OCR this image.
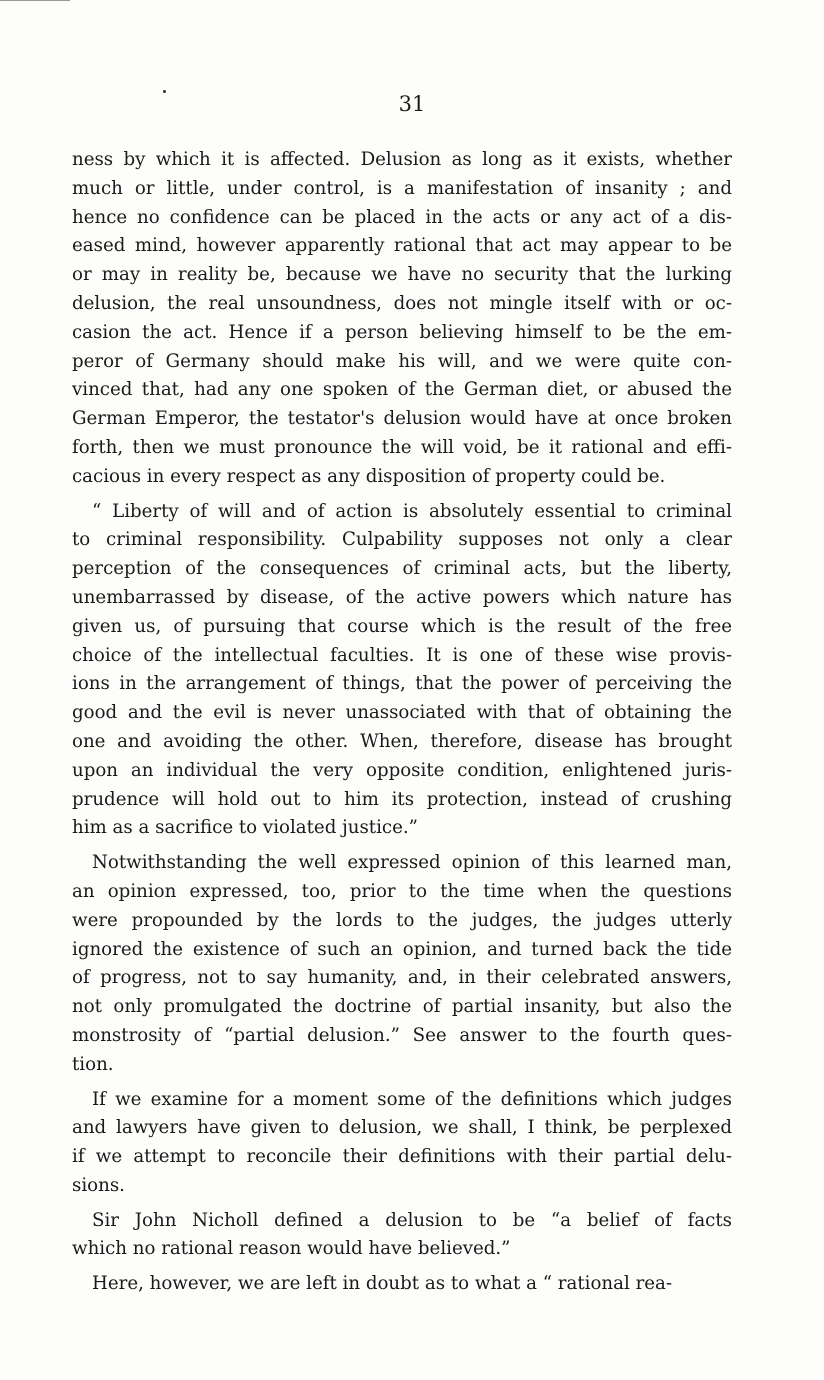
31
ness by which it is affected. Delusion as long as it exists, whether
much or little, under control, is a manifestation of insanity ; and
hence no confidence can be placed in the acts or any act of a dis-
eased mind, however apparently rational that act may appear to be
or may in reality be, because we have no security that the lurking
delusion, the real unsoundness, does not mingle itself with or oc-
casion the act. Hence if a person believing himself to be the em-
peror of Germany should make his will, and we were quite con-
vinced that, had any one spoken of the German diet, or abused the
German Emperor, the testator's delusion would have at once broken
forth, then we must pronounce the will void, be it rational and effi-
cacious in every respect as any disposition of property could be.
“ Liberty of will and of action is absolutely essential to criminal
to criminal responsibility. Culpability supposes not only a clear
perception of the consequences of criminal acts, but the liberty,
unembarrassed by disease, of the active powers which nature has
given us, of pursuing that course which is the result of the free
choice of the intellectual faculties. It is one of these wise provis-
ions in the arrangement of things, that the power of perceiving the
good and the evil is never unassociated with that of obtaining the
one and avoiding the other. When, therefore, disease has brought
upon an individual the very opposite condition, enlightened juris-
prudence will hold out to him its protection, instead of crushing
him as a sacrifice to violated justice.”
Notwithstanding the well expressed opinion of this learned man,
an opinion expressed, too, prior to the time when the questions
were propounded by the lords to the judges, the judges utterly
ignored the existence of such an opinion, and turned back the tide
of progress, not to say humanity, and, in their celebrated answers,
not only promulgated the doctrine of partial insanity, but also the
monstrosity of “partial delusion.” See answer to the fourth ques-
tion.
If we examine for a moment some of the definitions which judges
and lawyers have given to delusion, we shall, I think, be perplexed
if we attempt to reconcile their definitions with their partial delu-
sions.
Sir John Nicholl defined a delusion to be “a belief of facts
which no rational reason would have believed.”
Here, however, we are left in doubt as to what a “ rational rea-
